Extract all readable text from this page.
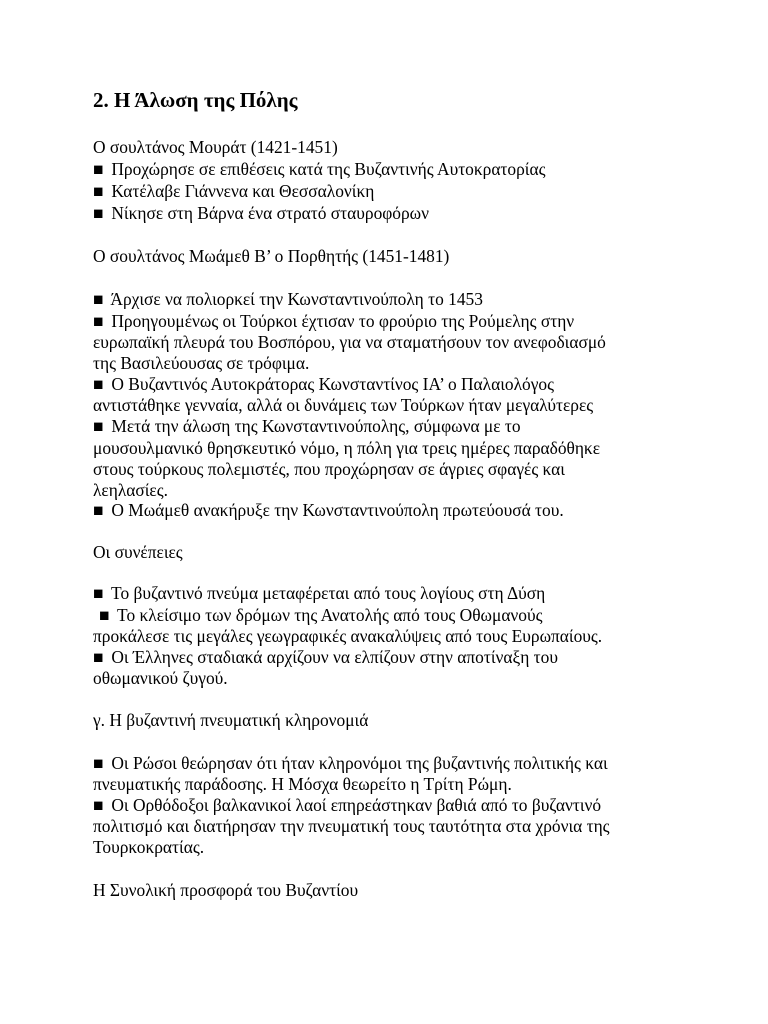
2. Η Άλωση της Πόλης
Ο σουλτάνος Μουράτ (1421-1451)
■ Προχώρησε σε επιθέσεις κατά της Βυζαντινής Αυτοκρατορίας
■ Κατέλαβε Γιάννενα και Θεσσαλονίκη
■ Νίκησε στη Βάρνα ένα στρατό σταυροφόρων
Ο σουλτάνος Μωάμεθ Β’ ο Πορθητής (1451-1481)
■ Άρχισε να πολιορκεί την Κωνσταντινούπολη το 1453
■ Προηγουμένως οι Τούρκοι έχτισαν το φρούριο της Ρούμελης στην
ευρωπαϊκή πλευρά του Βοσπόρου, για να σταματήσουν τον ανεφοδιασμό
της Βασιλεύουσας σε τρόφιμα.
■ Ο Βυζαντινός Αυτοκράτορας Κωνσταντίνος ΙΑ’ ο Παλαιολόγος
αντιστάθηκε γενναία, αλλά οι δυνάμεις των Τούρκων ήταν μεγαλύτερες
■ Μετά την άλωση της Κωνσταντινούπολης, σύμφωνα με το
μουσουλμανικό θρησκευτικό νόμο, η πόλη για τρεις ημέρες παραδόθηκε
στους τούρκους πολεμιστές, που προχώρησαν σε άγριες σφαγές και
λεηλασίες.
■ Ο Μωάμεθ ανακήρυξε την Κωνσταντινούπολη πρωτεύουσά του.
Οι συνέπειες
■ Το βυζαντινό πνεύμα μεταφέρεται από τους λογίους στη Δύση
■ Το κλείσιμο των δρόμων της Ανατολής από τους Οθωμανούς
προκάλεσε τις μεγάλες γεωγραφικές ανακαλύψεις από τους Ευρωπαίους.
■ Οι Έλληνες σταδιακά αρχίζουν να ελπίζουν στην αποτίναξη του
οθωμανικού ζυγού.
γ. Η βυζαντινή πνευματική κληρονομιά
■ Οι Ρώσοι θεώρησαν ότι ήταν κληρονόμοι της βυζαντινής πολιτικής και
πνευματικής παράδοσης. Η Μόσχα θεωρείτο η Τρίτη Ρώμη.
■ Οι Ορθόδοξοι βαλκανικοί λαοί επηρεάστηκαν βαθιά από το βυζαντινό
πολιτισμό και διατήρησαν την πνευματική τους ταυτότητα στα χρόνια της
Τουρκοκρατίας.
Η Συνολική προσφορά του Βυζαντίου
